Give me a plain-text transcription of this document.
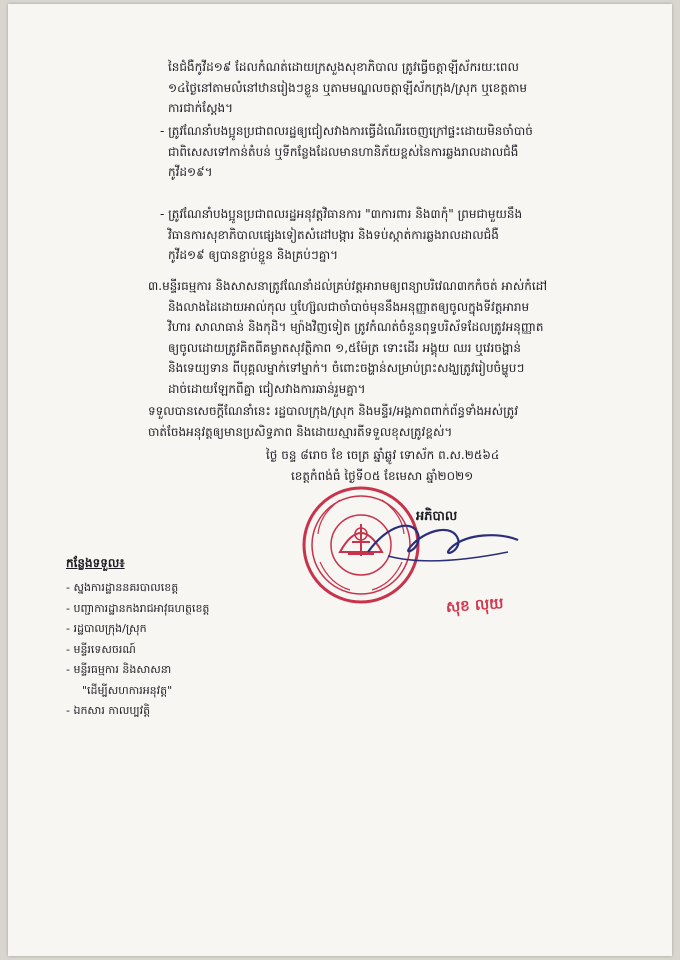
នៃជំងឺកូវីដ១៩ ដែលកំណត់ដោយក្រសួងសុខាភិបាល ត្រូវធ្វើចត្តាឡីស័ករយៈពេល
១៤ថ្ងៃនៅតាមលំនៅឋានរៀងៗខ្លួន ឬតាមមណ្ឌលចត្តាឡីស័កក្រុង/ស្រុក ឬខេត្តតាម
ការជាក់ស្តែង។
- ត្រូវណែនាំបងប្អូនប្រជាពលរដ្ឋឲ្យជៀសវាងការធ្វើដំណើរចេញក្រៅផ្ទះដោយមិនចាំបាច់
ជាពិសេសទៅកាន់តំបន់ ឬទីកន្លែងដែលមានហានិភ័យខ្ពស់នៃការឆ្លងរាលដាលជំងឺ
កូវីដ១៩។
- ត្រូវណែនាំបងប្អូនប្រជាពលរដ្ឋអនុវត្តវិធានការ "៣ការពារ និង៣កុំ" ព្រមជាមួយនឹង
វិធានការសុខាភិបាលផ្សេងទៀតសំដៅបង្ការ និងទប់ស្កាត់ការឆ្លងរាលដាលជំងឺ
កូវីដ១៩ ឲ្យបានខ្ជាប់ខ្ជួន និងគ្រប់ៗគ្នា។
៣.មន្ទីរធម្មការ និងសាសនាត្រូវណែនាំដល់គ្រប់វត្តអារាមឲ្យពន្យាបរិវេណ៣កកំចត់ អាស់កំដៅ
និងលាងដៃដោយអាល់កុល ឬហ្ស៊ែលជាចាំបាច់មុននឹងអនុញ្ញាតឲ្យចូលក្នុងទីវត្តអារាម
វិហារ សាលាធាន់ និងកុដិ។ ម្យ៉ាងវិញទៀត ត្រូវកំណត់ចំនួនពុទ្ធបរិស័ទដែលត្រូវអនុញ្ញាត
ឲ្យចូលដោយត្រូវគិតពីគម្លាតសុវត្ថិភាព ១,៥ម៉ែត្រ ទោះដើរ អង្គុយ ឈរ ឬវេរចង្ហាន់
និងទេយ្យទាន ពីបុគ្គលម្នាក់ទៅម្នាក់។ ចំពោះចង្ហាន់សម្រាប់ព្រះសង្ឃត្រូវរៀបចំម្ហូបៗ
ដាច់ដោយឡែកពីគ្នា ជៀសវាងការឆាន់រួមគ្នា។
ទទួលបានសេចក្តីណែនាំនេះ រដ្ឋបាលក្រុង/ស្រុក និងមន្ទីរ/អង្គភាពពាក់ព័ន្ធទាំងអស់ត្រូវ
ចាត់ចែងអនុវត្តឲ្យមានប្រសិទ្ធភាព និងដោយស្មារតីទទួលខុសត្រូវខ្ពស់។
ថ្ងៃ ចន្ទ ៨រោច ខែ ចេត្រ ឆ្នាំឆ្លូវ ទោស័ក ព.ស.២៥៦៤
ខេត្តកំពង់ធំ ថ្ងៃទី០៥ ខែមេសា ឆ្នាំ២០២១
អភិបាល
សុខ លុយ
កន្លែងទទួល៖
- ស្នងការដ្ឋាននគរបាលខេត្ត
- បញ្ជាការដ្ឋានកងរាជអាវុធហត្ថខេត្ត
- រដ្ឋបាលក្រុង/ស្រុក
- មន្ទីរទេសចរណ៍
- មន្ទីរធម្មការ និងសាសនា
"ដើម្បីសហការអនុវត្ត"
- ឯកសារ កាលប្បវត្តិ
